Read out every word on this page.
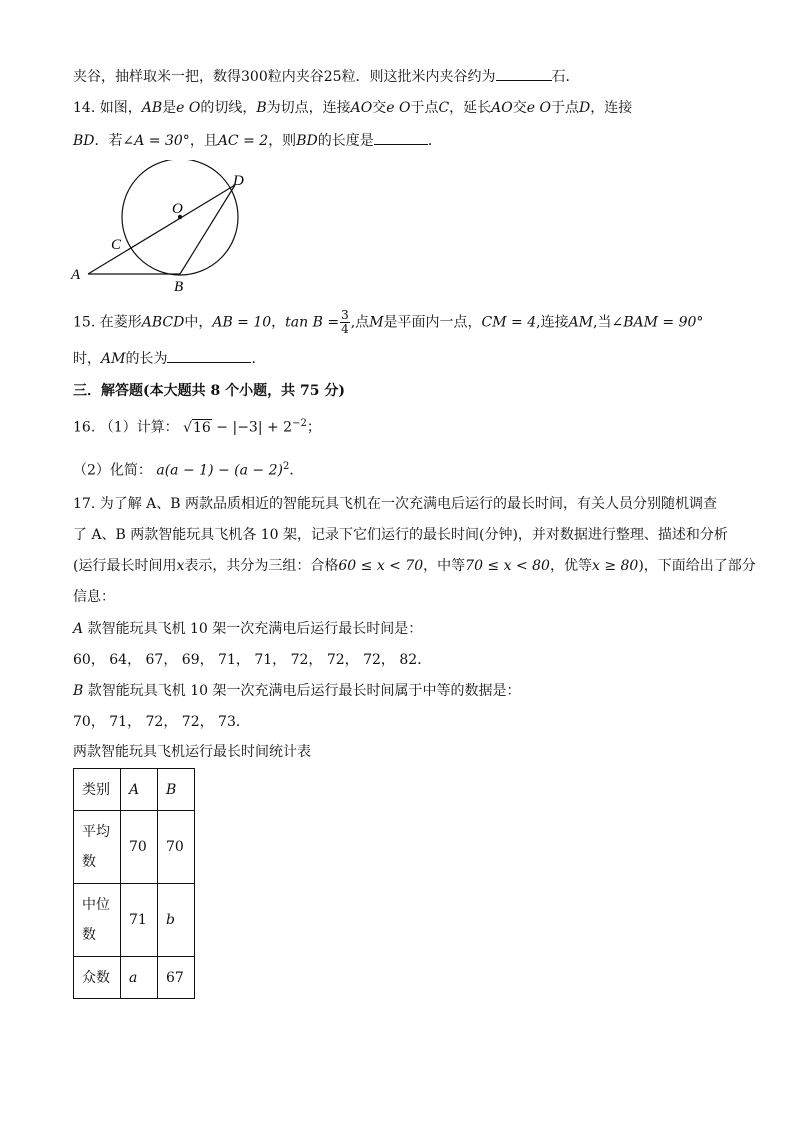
夹谷，抽样取米一把，数得300粒内夹谷25粒．则这批米内夹谷约为	石．
14. 如图，AB是e O的切线，B为切点，连接AO交e O于点C，延长AO交e O于点D，连接
BD．若∠A = 30°，且AC = 2，则BD的长度是	．
O
D
C
A
B
15. 在菱形ABCD中，AB = 10，$\tan B = \frac{3}{4}$ ,点M是平面内一点，CM = 4,连接AM,当∠BAM = 90°
时，AM的长为	．
三．解答题(本大题共 8 个小题，共 75 分)
16. （1）计算： $√16 - |-3| + 2^{-2}$；
（2）化简： $a(a - 1) - (a - 2)^2$．
17. 为了解 A、B 两款品质相近的智能玩具飞机在一次充满电后运行的最长时间，有关人员分别随机调查
了 A、B 两款智能玩具飞机各 10 架，记录下它们运行的最长时间(分钟)，并对数据进行整理、描述和分析
(运行最长时间用x表示，共分为三组：合格60 ≤ x < 70，中等70 ≤ x < 80，优等x ≥ 80)，下面给出了部分
信息：
A 款智能玩具飞机 10 架一次充满电后运行最长时间是：
60， 64， 67， 69， 71， 71， 72， 72， 72， 82．
B 款智能玩具飞机 10 架一次充满电后运行最长时间属于中等的数据是：
70， 71， 72， 72， 73．
两款智能玩具飞机运行最长时间统计表
类别	A	B
平均
数	70	70
中位
数	71	b
众数	a	67
